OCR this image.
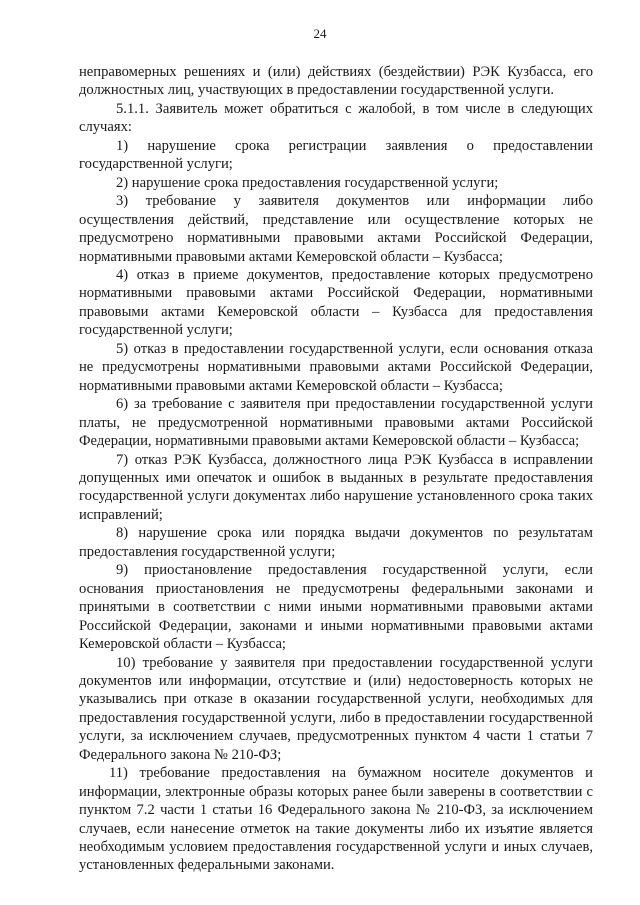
24

неправомерных решениях и (или) действиях (бездействии) РЭК Кузбасса, его должностных лиц, участвующих в предоставлении государственной услуги.

5.1.1. Заявитель может обратиться с жалобой, в том числе в следующих случаях:

1) нарушение срока регистрации заявления о предоставлении государственной услуги;

2) нарушение срока предоставления государственной услуги;

3) требование у заявителя документов или информации либо осуществления действий, представление или осуществление которых не предусмотрено нормативными правовыми актами Российской Федерации, нормативными правовыми актами Кемеровской области – Кузбасса;

4) отказ в приеме документов, предоставление которых предусмотрено нормативными правовыми актами Российской Федерации, нормативными правовыми актами Кемеровской области – Кузбасса для предоставления государственной услуги;

5) отказ в предоставлении государственной услуги, если основания отказа не предусмотрены нормативными правовыми актами Российской Федерации, нормативными правовыми актами Кемеровской области – Кузбасса;

6) за требование с заявителя при предоставлении государственной услуги платы, не предусмотренной нормативными правовыми актами Российской Федерации, нормативными правовыми актами Кемеровской области – Кузбасса;

7) отказ РЭК Кузбасса, должностного лица РЭК Кузбасса в исправлении допущенных ими опечаток и ошибок в выданных в результате предоставления государственной услуги документах либо нарушение установленного срока таких исправлений;

8) нарушение срока или порядка выдачи документов по результатам предоставления государственной услуги;

9) приостановление предоставления государственной услуги, если основания приостановления не предусмотрены федеральными законами и принятыми в соответствии с ними иными нормативными правовыми актами Российской Федерации, законами и иными нормативными правовыми актами Кемеровской области – Кузбасса;

10) требование у заявителя при предоставлении государственной услуги документов или информации, отсутствие и (или) недостоверность которых не указывались при отказе в оказании государственной услуги, необходимых для предоставления государственной услуги, либо в предоставлении государственной услуги, за исключением случаев, предусмотренных пунктом 4 части 1 статьи 7 Федерального закона № 210-ФЗ;

11) требование предоставления на бумажном носителе документов и информации, электронные образы которых ранее были заверены в соответствии с пунктом 7.2 части 1 статьи 16 Федерального закона № 210-ФЗ, за исключением случаев, если нанесение отметок на такие документы либо их изъятие является необходимым условием предоставления государственной услуги и иных случаев, установленных федеральными законами.
